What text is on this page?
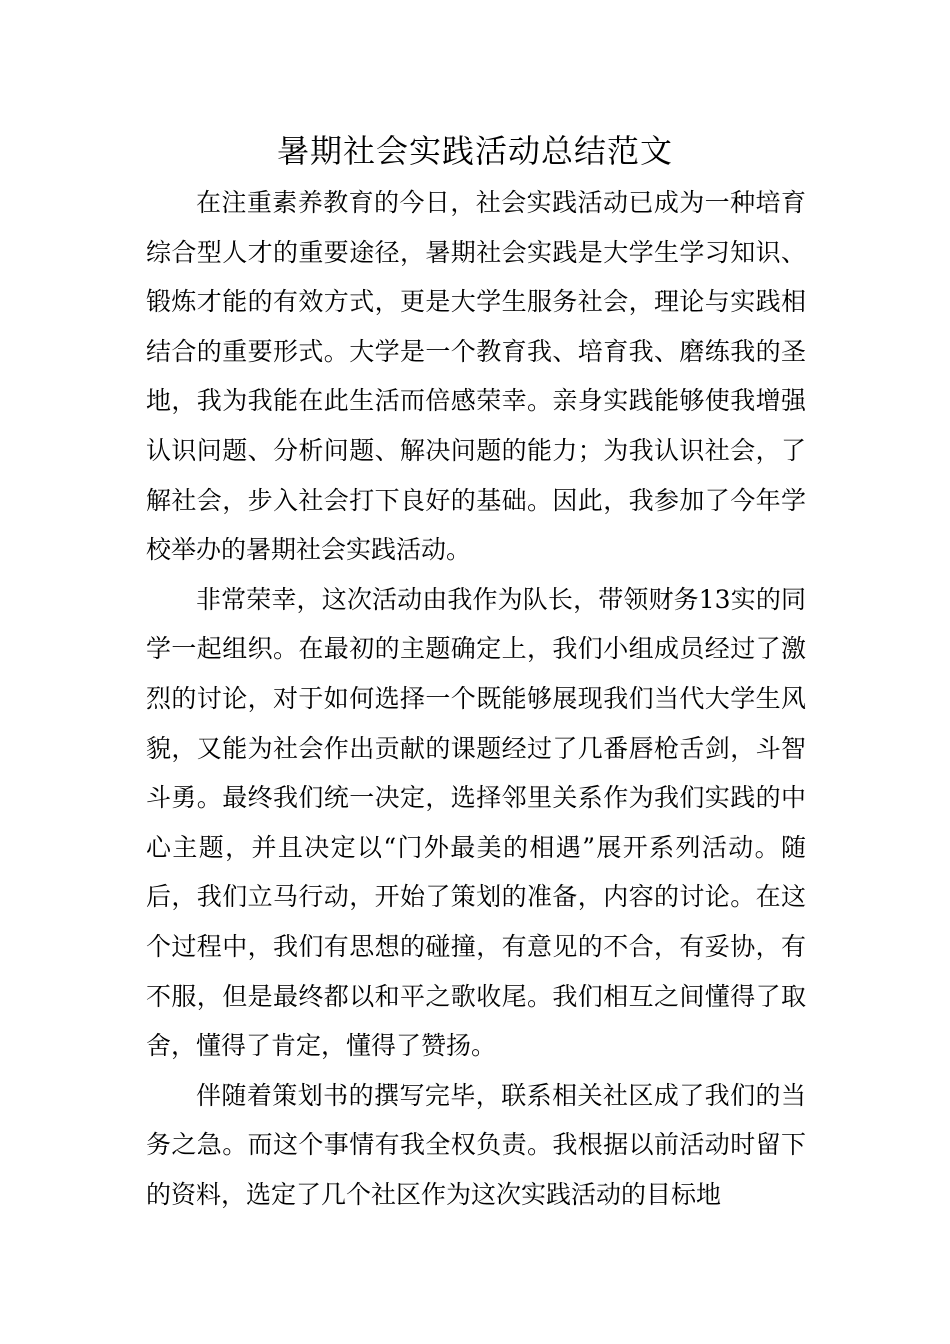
暑期社会实践活动总结范文

在注重素养教育的今日，社会实践活动已成为一种培育综合型人才的重要途径，暑期社会实践是大学生学习知识、锻炼才能的有效方式，更是大学生服务社会，理论与实践相结合的重要形式。大学是一个教育我、培育我、磨练我的圣地，我为我能在此生活而倍感荣幸。亲身实践能够使我增强认识问题、分析问题、解决问题的能力；为我认识社会，了解社会，步入社会打下良好的基础。因此，我参加了今年学校举办的暑期社会实践活动。

非常荣幸，这次活动由我作为队长，带领财务13实的同学一起组织。在最初的主题确定上，我们小组成员经过了激烈的讨论，对于如何选择一个既能够展现我们当代大学生风貌，又能为社会作出贡献的课题经过了几番唇枪舌剑，斗智斗勇。最终我们统一决定，选择邻里关系作为我们实践的中心主题，并且决定以“门外最美的相遇”展开系列活动。随后，我们立马行动，开始了策划的准备，内容的讨论。在这个过程中，我们有思想的碰撞，有意见的不合，有妥协，有不服，但是最终都以和平之歌收尾。我们相互之间懂得了取舍，懂得了肯定，懂得了赞扬。

伴随着策划书的撰写完毕，联系相关社区成了我们的当务之急。而这个事情有我全权负责。我根据以前活动时留下的资料，选定了几个社区作为这次实践活动的目标地
